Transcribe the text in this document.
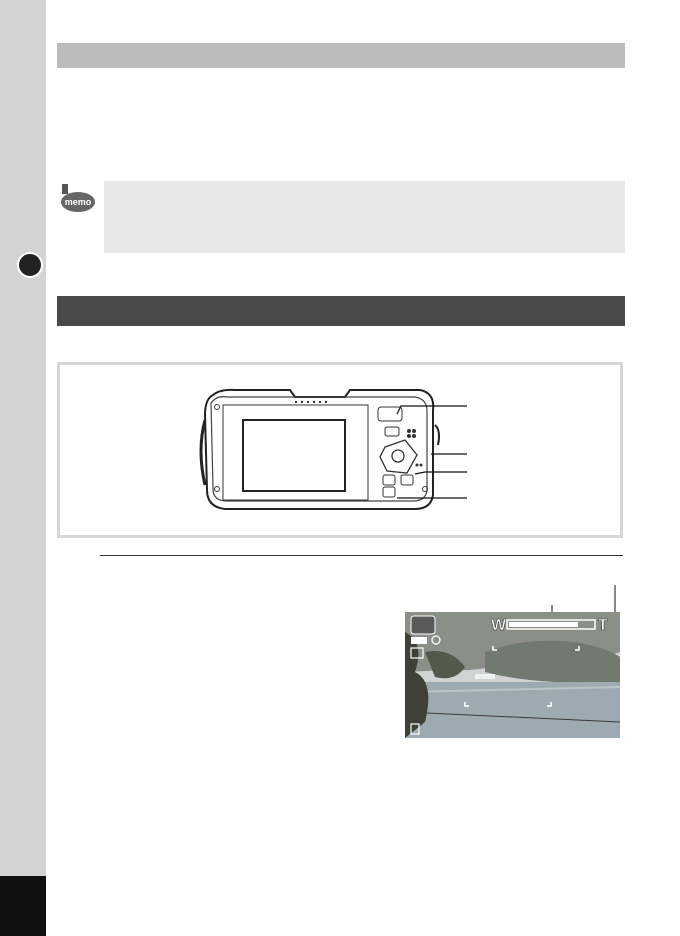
memo
W	T
